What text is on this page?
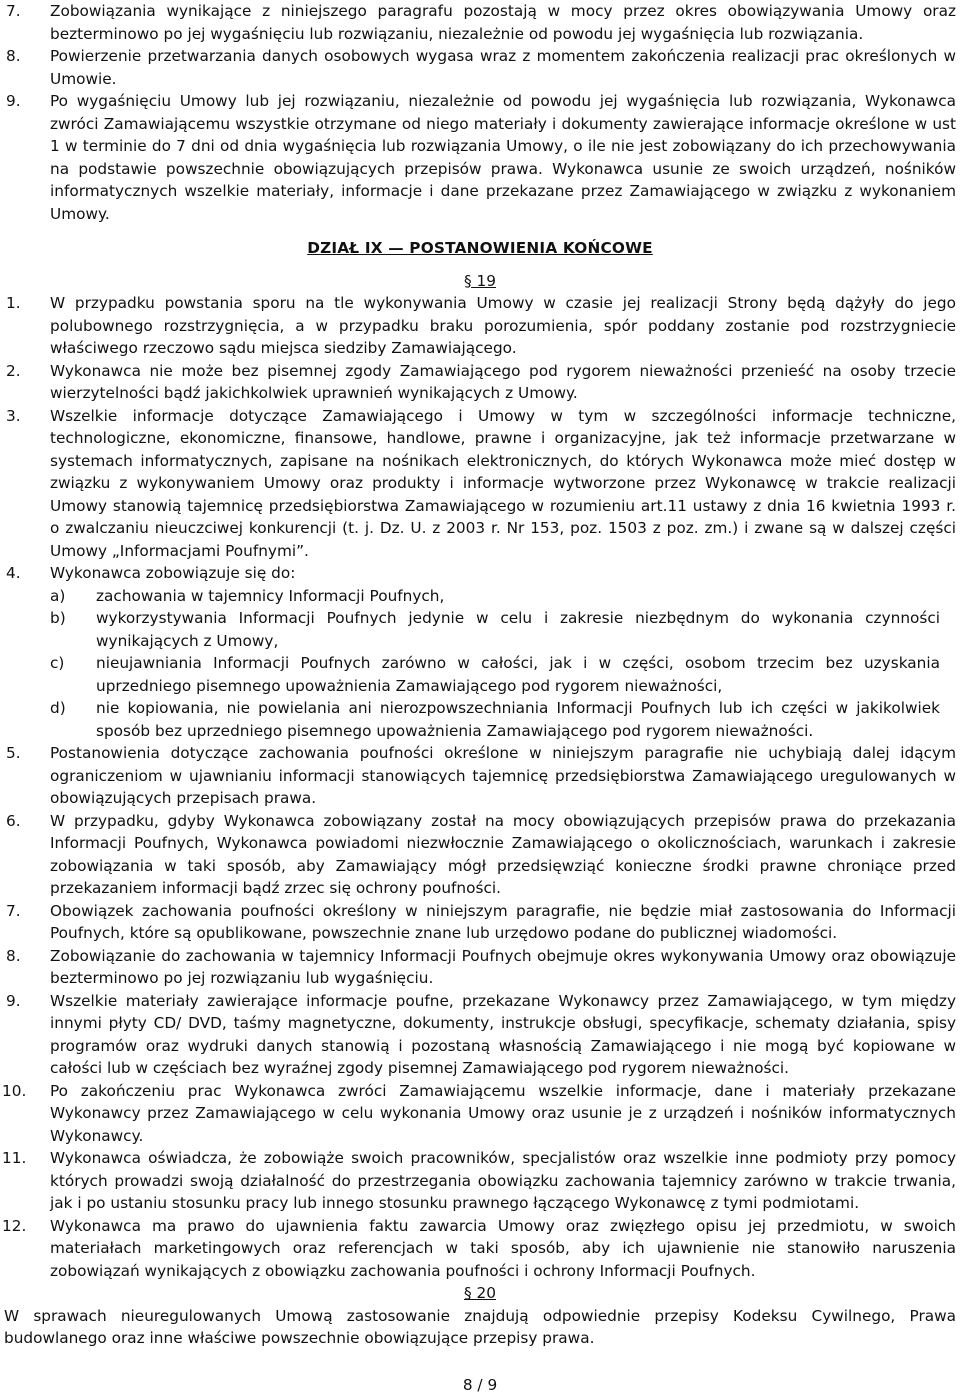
7. Zobowiązania wynikające z niniejszego paragrafu pozostają w mocy przez okres obowiązywania Umowy oraz bezterminowo po jej wygaśnięciu lub rozwiązaniu, niezależnie od powodu jej wygaśnięcia lub rozwiązania.
8. Powierzenie przetwarzania danych osobowych wygasa wraz z momentem zakończenia realizacji prac określonych w Umowie.
9. Po wygaśnięciu Umowy lub jej rozwiązaniu, niezależnie od powodu jej wygaśnięcia lub rozwiązania, Wykonawca zwróci Zamawiającemu wszystkie otrzymane od niego materiały i dokumenty zawierające informacje określone w ust 1 w terminie do 7 dni od dnia wygaśnięcia lub rozwiązania Umowy, o ile nie jest zobowiązany do ich przechowywania na podstawie powszechnie obowiązujących przepisów prawa. Wykonawca usunie ze swoich urządzeń, nośników informatycznych wszelkie materiały, informacje i dane przekazane przez Zamawiającego w związku z wykonaniem Umowy.
DZIAŁ IX — POSTANOWIENIA KOŃCOWE
§ 19
1. W przypadku powstania sporu na tle wykonywania Umowy w czasie jej realizacji Strony będą dążyły do jego polubownego rozstrzygnięcia, a w przypadku braku porozumienia, spór poddany zostanie pod rozstrzygniecie właściwego rzeczowo sądu miejsca siedziby Zamawiającego.
2. Wykonawca nie może bez pisemnej zgody Zamawiającego pod rygorem nieważności przenieść na osoby trzecie wierzytelności bądź jakichkolwiek uprawnień wynikających z Umowy.
3. Wszelkie informacje dotyczące Zamawiającego i Umowy w tym w szczególności informacje techniczne, technologiczne, ekonomiczne, finansowe, handlowe, prawne i organizacyjne, jak też informacje przetwarzane w systemach informatycznych, zapisane na nośnikach elektronicznych, do których Wykonawca może mieć dostęp w związku z wykonywaniem Umowy oraz produkty i informacje wytworzone przez Wykonawcę w trakcie realizacji Umowy stanowią tajemnicę przedsiębiorstwa Zamawiającego w rozumieniu art.11 ustawy z dnia 16 kwietnia 1993 r. o zwalczaniu nieuczciwej konkurencji (t. j. Dz. U. z 2003 r. Nr 153, poz. 1503 z poz. zm.) i zwane są w dalszej części Umowy „Informacjami Poufnymi”.
4. Wykonawca zobowiązuje się do:
a) zachowania w tajemnicy Informacji Poufnych,
b) wykorzystywania Informacji Poufnych jedynie w celu i zakresie niezbędnym do wykonania czynności wynikających z Umowy,
c) nieujawniania Informacji Poufnych zarówno w całości, jak i w części, osobom trzecim bez uzyskania uprzedniego pisemnego upoważnienia Zamawiającego pod rygorem nieważności,
d) nie kopiowania, nie powielania ani nierozpowszechniania Informacji Poufnych lub ich części w jakikolwiek sposób bez uprzedniego pisemnego upoważnienia Zamawiającego pod rygorem nieważności.
5. Postanowienia dotyczące zachowania poufności określone w niniejszym paragrafie nie uchybiają dalej idącym ograniczeniom w ujawnianiu informacji stanowiących tajemnicę przedsiębiorstwa Zamawiającego uregulowanych w obowiązujących przepisach prawa.
6. W przypadku, gdyby Wykonawca zobowiązany został na mocy obowiązujących przepisów prawa do przekazania Informacji Poufnych, Wykonawca powiadomi niezwłocznie Zamawiającego o okolicznościach, warunkach i zakresie zobowiązania w taki sposób, aby Zamawiający mógł przedsięwziąć konieczne środki prawne chroniące przed przekazaniem informacji bądź zrzec się ochrony poufności.
7. Obowiązek zachowania poufności określony w niniejszym paragrafie, nie będzie miał zastosowania do Informacji Poufnych, które są opublikowane, powszechnie znane lub urzędowo podane do publicznej wiadomości.
8. Zobowiązanie do zachowania w tajemnicy Informacji Poufnych obejmuje okres wykonywania Umowy oraz obowiązuje bezterminowo po jej rozwiązaniu lub wygaśnięciu.
9. Wszelkie materiały zawierające informacje poufne, przekazane Wykonawcy przez Zamawiającego, w tym między innymi płyty CD/ DVD, taśmy magnetyczne, dokumenty, instrukcje obsługi, specyfikacje, schematy działania, spisy programów oraz wydruki danych stanowią i pozostaną własnością Zamawiającego i nie mogą być kopiowane w całości lub w częściach bez wyraźnej zgody pisemnej Zamawiającego pod rygorem nieważności.
10. Po zakończeniu prac Wykonawca zwróci Zamawiającemu wszelkie informacje, dane i materiały przekazane Wykonawcy przez Zamawiającego w celu wykonania Umowy oraz usunie je z urządzeń i nośników informatycznych Wykonawcy.
11. Wykonawca oświadcza, że zobowiąże swoich pracowników, specjalistów oraz wszelkie inne podmioty przy pomocy których prowadzi swoją działalność do przestrzegania obowiązku zachowania tajemnicy zarówno w trakcie trwania, jak i po ustaniu stosunku pracy lub innego stosunku prawnego łączącego Wykonawcę z tymi podmiotami.
12. Wykonawca ma prawo do ujawnienia faktu zawarcia Umowy oraz zwięzłego opisu jej przedmiotu, w swoich materiałach marketingowych oraz referencjach w taki sposób, aby ich ujawnienie nie stanowiło naruszenia zobowiązań wynikających z obowiązku zachowania poufności i ochrony Informacji Poufnych.
§ 20
W sprawach nieuregulowanych Umową zastosowanie znajdują odpowiednie przepisy Kodeksu Cywilnego, Prawa budowlanego oraz inne właściwe powszechnie obowiązujące przepisy prawa.
8 / 9
